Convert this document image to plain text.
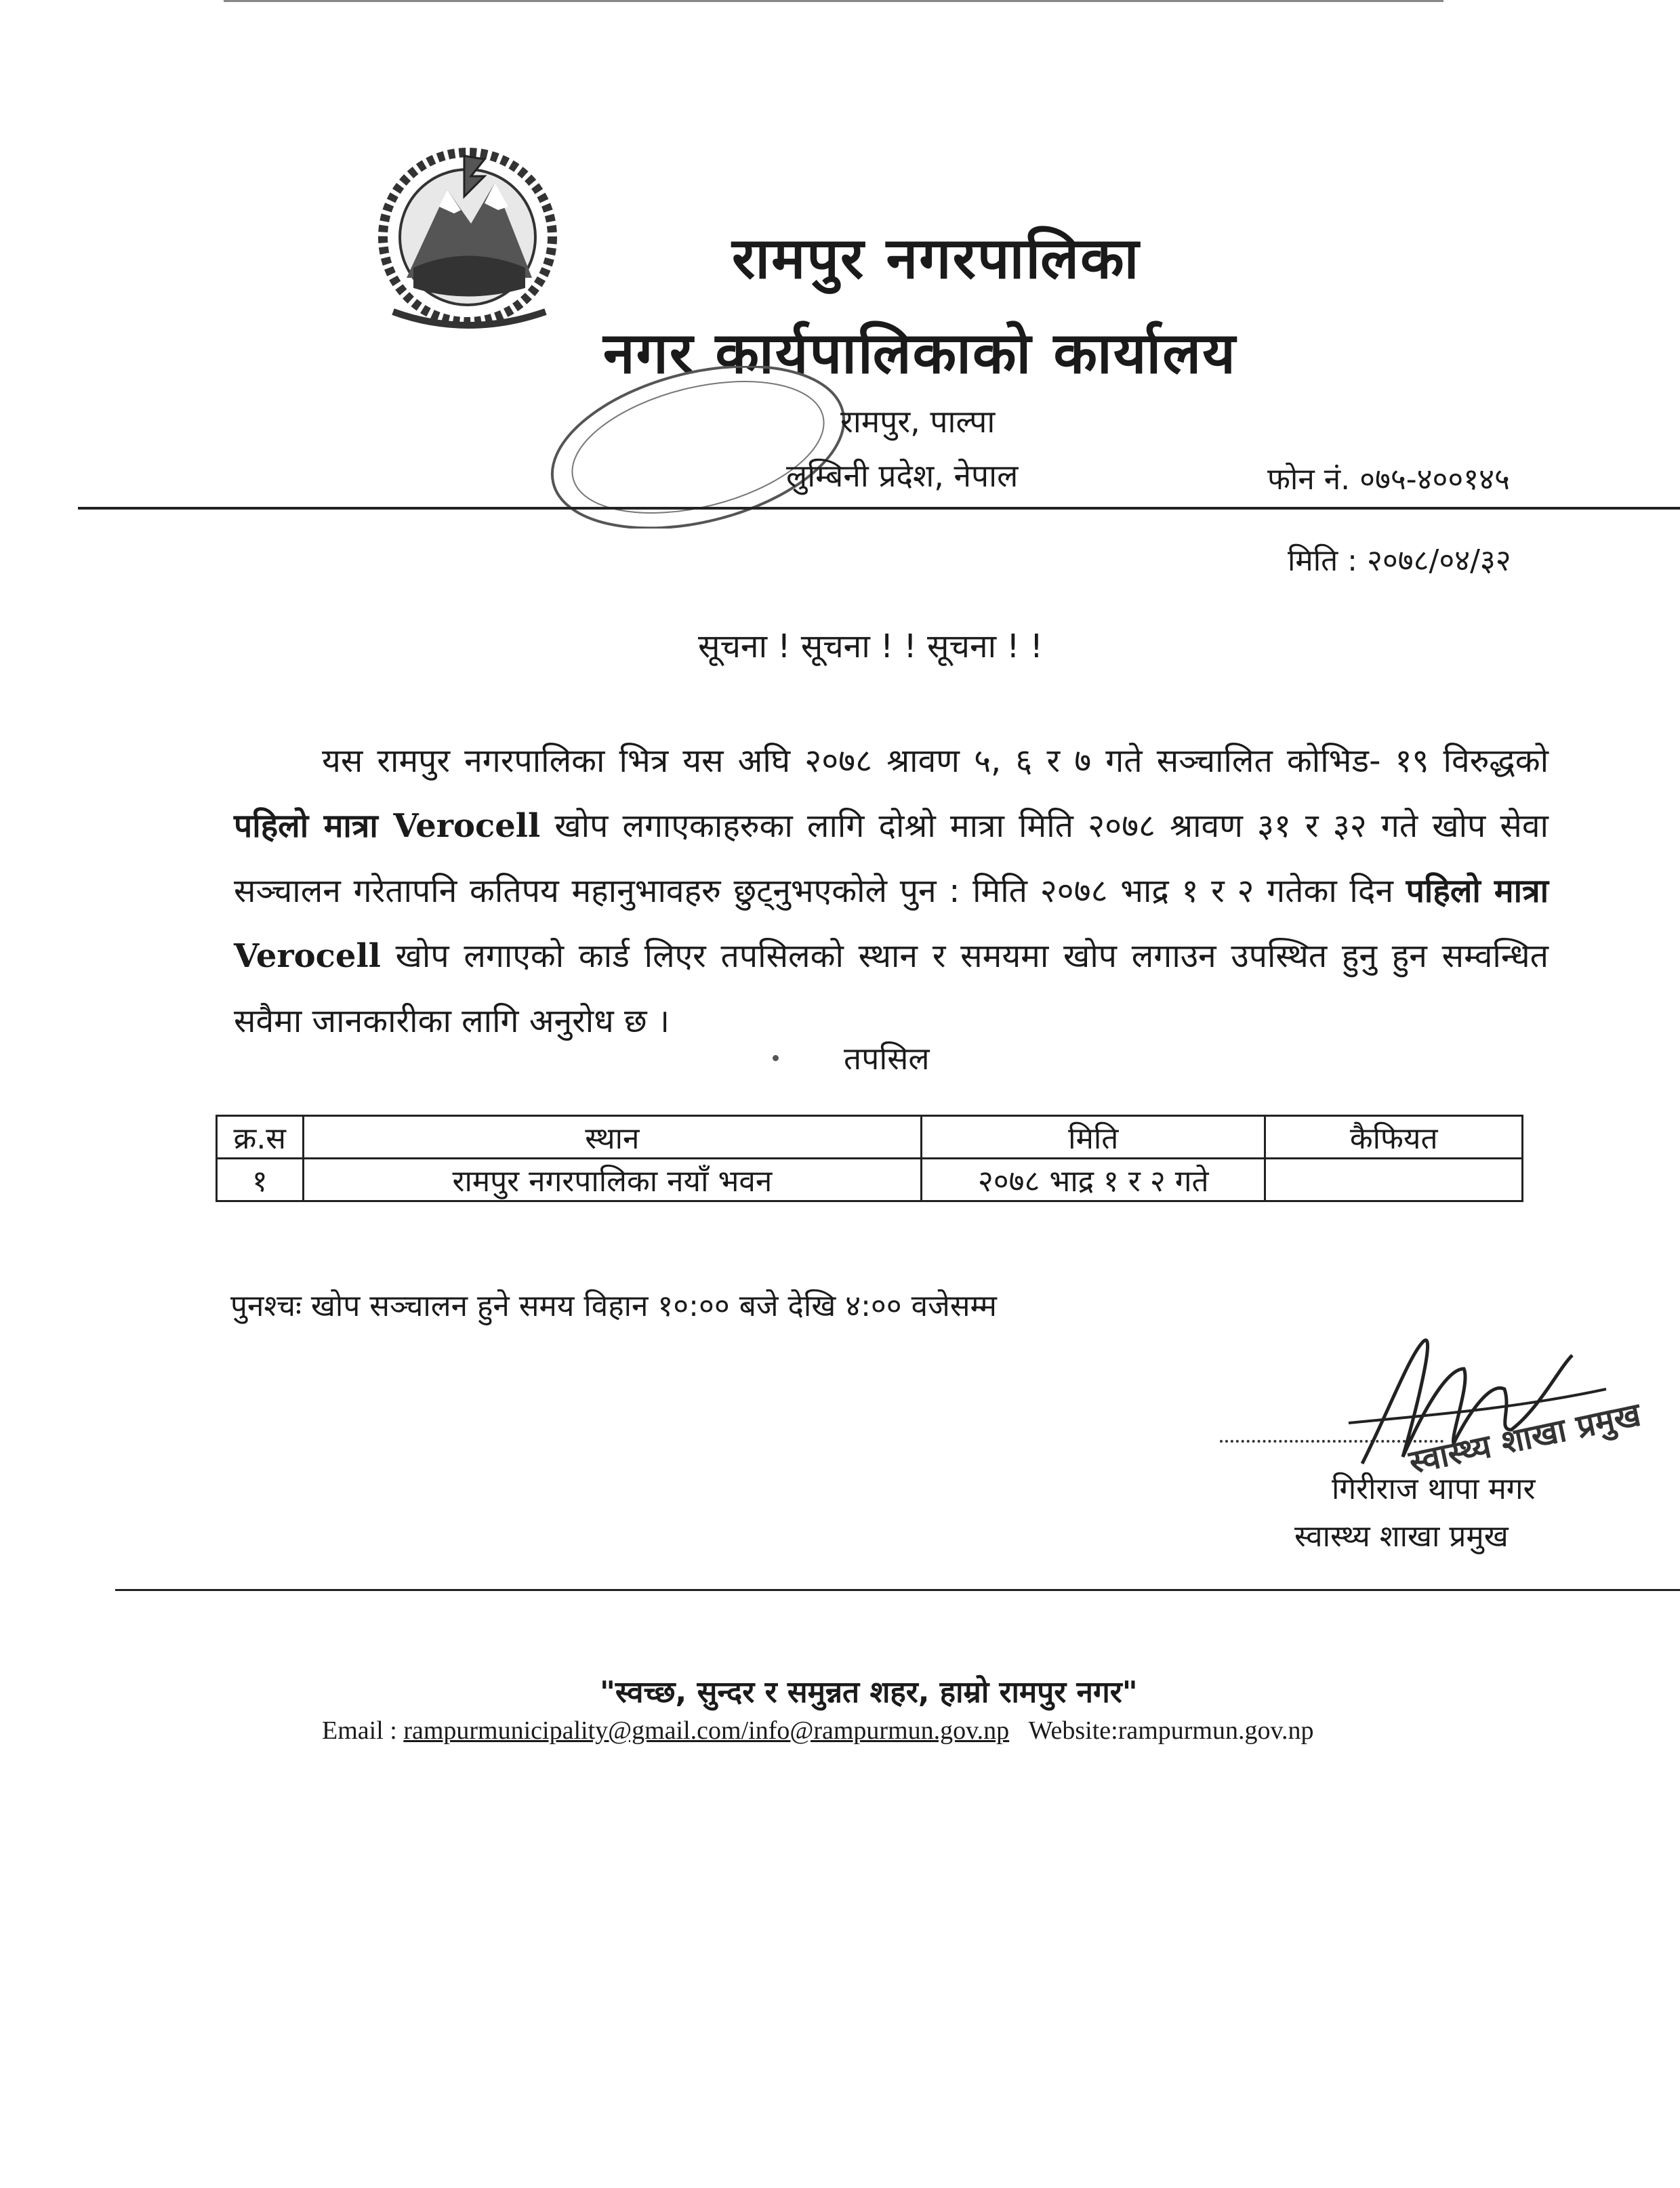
रामपुर नगरपालिका
नगर कार्यपालिकाको कार्यालय
रामपुर, पाल्पा
लुम्बिनी प्रदेश, नेपाल	फोन नं. ०७५-४००१४५
मिति : २०७८/०४/३२
सूचना ! सूचना ! ! सूचना ! !
यस रामपुर नगरपालिका भित्र यस अघि २०७८ श्रावण ५, ६ र ७ गते सञ्चालित कोभिड- १९ विरुद्धको पहिलो मात्रा Verocell खोप लगाएकाहरुका लागि दोश्रो मात्रा मिति २०७८ श्रावण ३१ र ३२ गते खोप सेवा सञ्चालन गरेतापनि कतिपय महानुभावहरु छुट्नुभएकोले पुन : मिति २०७८ भाद्र १ र २ गतेका दिन पहिलो मात्रा Verocell खोप लगाएको कार्ड लिएर तपसिलको स्थान र समयमा खोप लगाउन उपस्थित हुनु हुन सम्वन्धित सवैमा जानकारीका लागि अनुरोध छ ।
तपसिल
क्र.स	स्थान	मिति	कैफियत
१	रामपुर नगरपालिका नयाँ भवन	२०७८ भाद्र १ र २ गते	
पुनश्चः खोप सञ्चालन हुने समय विहान १०:०० बजे देखि ४:०० वजेसम्म
गिरीराज थापा मगर
स्वास्थ्य शाखा प्रमुख
स्वास्थ्य शाखा प्रमुख
"स्वच्छ, सुन्दर र समुन्नत शहर, हाम्रो रामपुर नगर"
Email : rampurmunicipality@gmail.com/info@rampurmun.gov.np Website:rampurmun.gov.np
